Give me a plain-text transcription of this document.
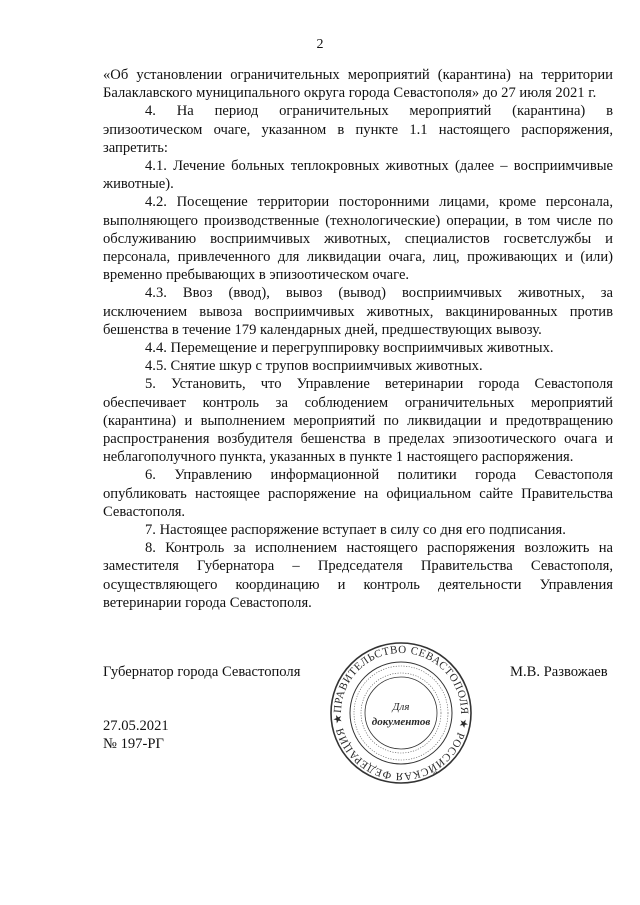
2

«Об установлении ограничительных мероприятий (карантина) на территории Балаклавского муниципального округа города Севастополя» до 27 июля 2021 г.

4. На период ограничительных мероприятий (карантина) в эпизоотическом очаге, указанном в пункте 1.1 настоящего распоряжения, запретить:

4.1. Лечение больных теплокровных животных (далее – восприимчивые животные).

4.2. Посещение территории посторонними лицами, кроме персонала, выполняющего производственные (технологические) операции, в том числе по обслуживанию восприимчивых животных, специалистов госветслужбы и персонала, привлеченного для ликвидации очага, лиц, проживающих и (или) временно пребывающих в эпизоотическом очаге.

4.3. Ввоз (ввод), вывоз (вывод) восприимчивых животных, за исключением вывоза восприимчивых животных, вакцинированных против бешенства в течение 179 календарных дней, предшествующих вывозу.

4.4. Перемещение и перегруппировку восприимчивых животных.

4.5. Снятие шкур с трупов восприимчивых животных.

5. Установить, что Управление ветеринарии города Севастополя обеспечивает контроль за соблюдением ограничительных мероприятий (карантина) и выполнением мероприятий по ликвидации и предотвращению распространения возбудителя бешенства в пределах эпизоотического очага и неблагополучного пункта, указанных в пункте 1 настоящего распоряжения.

6. Управлению информационной политики города Севастополя опубликовать настоящее распоряжение на официальном сайте Правительства Севастополя.

7. Настоящее распоряжение вступает в силу со дня его подписания.

8. Контроль за исполнением настоящего распоряжения возложить на заместителя Губернатора – Председателя Правительства Севастополя, осуществляющего координацию и контроль деятельности Управления ветеринарии города Севастополя.

Губернатор города Севастополя	М.В. Развожаев
27.05.2021
№ 197-РГ
ПРАВИТЕЛЬСТВО СЕВАСТОПОЛЯ ★ РОССИЙСКАЯ ФЕДЕРАЦИЯ ★
Для
документов
